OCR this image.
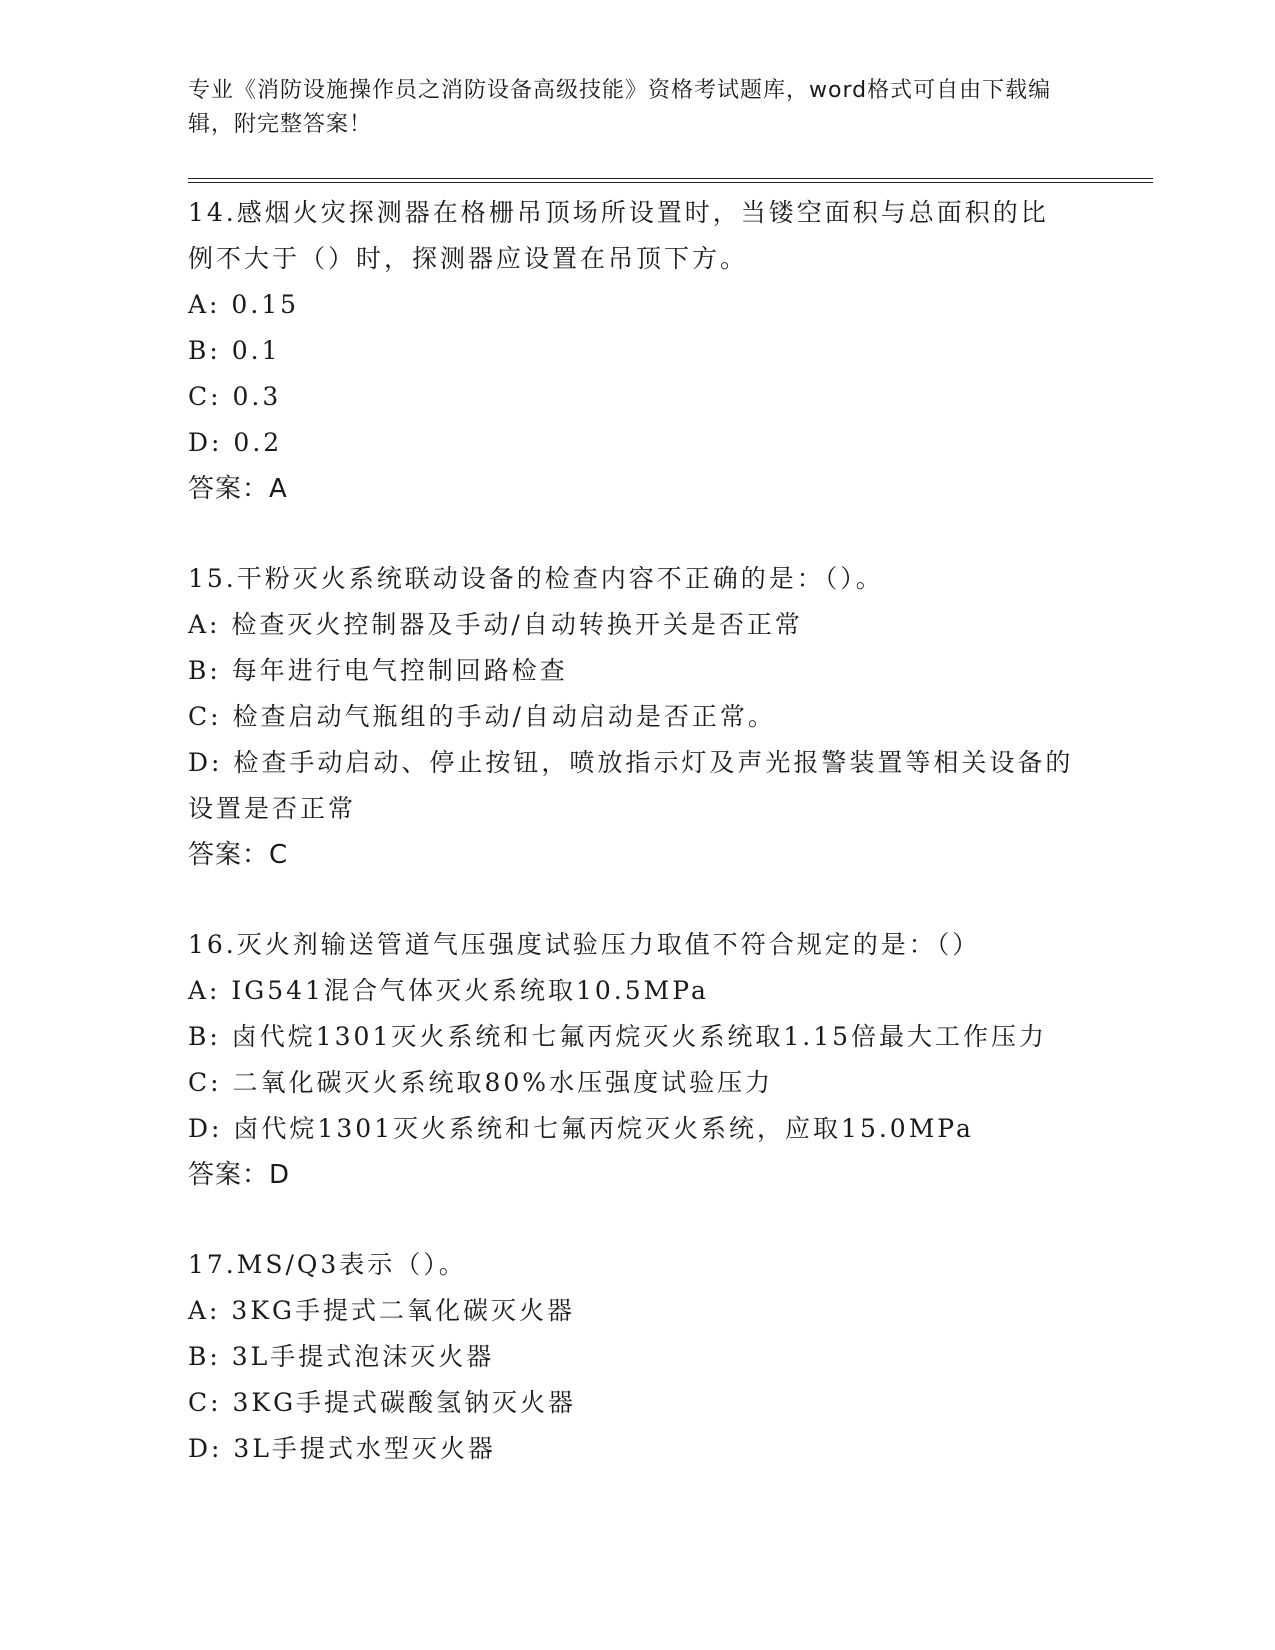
专业《消防设施操作员之消防设备高级技能》资格考试题库，word格式可自由下载编辑，附完整答案！
14.感烟火灾探测器在格栅吊顶场所设置时，当镂空面积与总面积的比例不大于（）时，探测器应设置在吊顶下方。
A: 0.15
B: 0.1
C: 0.3
D: 0.2
答案：A
15.干粉灭火系统联动设备的检查内容不正确的是：（）。
A: 检查灭火控制器及手动/自动转换开关是否正常
B: 每年进行电气控制回路检查
C: 检查启动气瓶组的手动/自动启动是否正常。
D: 检查手动启动、停止按钮，喷放指示灯及声光报警装置等相关设备的设置是否正常
答案：C
16.灭火剂输送管道气压强度试验压力取值不符合规定的是：（）
A: IG541混合气体灭火系统取10.5MPa
B: 卤代烷1301灭火系统和七氟丙烷灭火系统取1.15倍最大工作压力
C: 二氧化碳灭火系统取80%水压强度试验压力
D: 卤代烷1301灭火系统和七氟丙烷灭火系统，应取15.0MPa
答案：D
17.MS/Q3表示（）。
A: 3KG手提式二氧化碳灭火器
B: 3L手提式泡沫灭火器
C: 3KG手提式碳酸氢钠灭火器
D: 3L手提式水型灭火器
